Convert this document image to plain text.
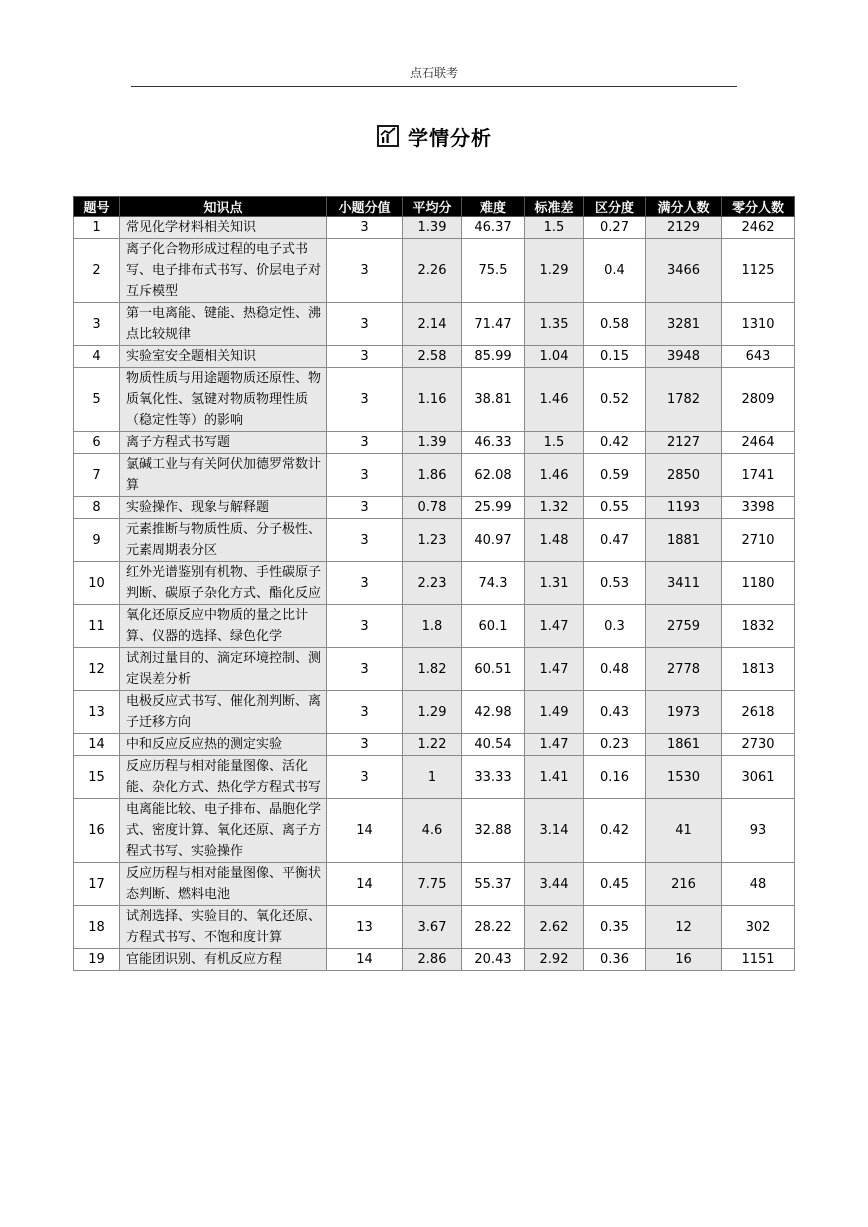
点石联考
学情分析
题号	知识点	小题分值	平均分	难度	标准差	区分度	满分人数	零分人数
1	常见化学材料相关知识	3	1.39	46.37	1.5	0.27	2129	2462
2	离子化合物形成过程的电子式书写、电子排布式书写、价层电子对互斥模型	3	2.26	75.5	1.29	0.4	3466	1125
3	第一电离能、键能、热稳定性、沸点比较规律	3	2.14	71.47	1.35	0.58	3281	1310
4	实验室安全题相关知识	3	2.58	85.99	1.04	0.15	3948	643
5	物质性质与用途题物质还原性、物质氧化性、氢键对物质物理性质（稳定性等）的影响	3	1.16	38.81	1.46	0.52	1782	2809
6	离子方程式书写题	3	1.39	46.33	1.5	0.42	2127	2464
7	氯碱工业与有关阿伏加德罗常数计算	3	1.86	62.08	1.46	0.59	2850	1741
8	实验操作、现象与解释题	3	0.78	25.99	1.32	0.55	1193	3398
9	元素推断与物质性质、分子极性、元素周期表分区	3	1.23	40.97	1.48	0.47	1881	2710
10	红外光谱鉴别有机物、手性碳原子判断、碳原子杂化方式、酯化反应	3	2.23	74.3	1.31	0.53	3411	1180
11	氧化还原反应中物质的量之比计算、仪器的选择、绿色化学	3	1.8	60.1	1.47	0.3	2759	1832
12	试剂过量目的、滴定环境控制、测定误差分析	3	1.82	60.51	1.47	0.48	2778	1813
13	电极反应式书写、催化剂判断、离子迁移方向	3	1.29	42.98	1.49	0.43	1973	2618
14	中和反应反应热的测定实验	3	1.22	40.54	1.47	0.23	1861	2730
15	反应历程与相对能量图像、活化能、杂化方式、热化学方程式书写	3	1	33.33	1.41	0.16	1530	3061
16	电离能比较、电子排布、晶胞化学式、密度计算、氧化还原、离子方程式书写、实验操作	14	4.6	32.88	3.14	0.42	41	93
17	反应历程与相对能量图像、平衡状态判断、燃料电池	14	7.75	55.37	3.44	0.45	216	48
18	试剂选择、实验目的、氧化还原、方程式书写、不饱和度计算	13	3.67	28.22	2.62	0.35	12	302
19	官能团识别、有机反应方程	14	2.86	20.43	2.92	0.36	16	1151
